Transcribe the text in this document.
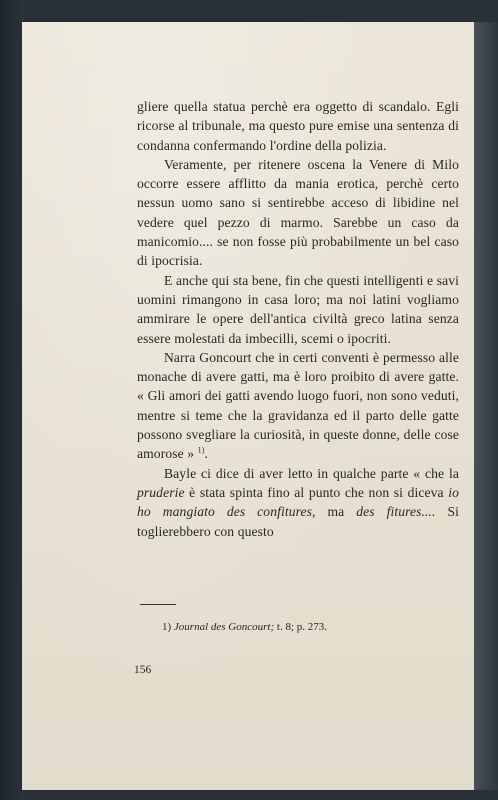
gliere quella statua perchè era oggetto di scandalo. Egli ricorse al tribunale, ma questo pure emise una sentenza di condanna confermando l'ordine della polizia.

Veramente, per ritenere oscena la Venere di Milo occorre essere afflitto da mania erotica, perchè certo nessun uomo sano si sentirebbe acceso di libidine nel vedere quel pezzo di marmo. Sarebbe un caso da manicomio.... se non fosse più probabilmente un bel caso di ipocrisia.

E anche qui sta bene, fin che questi intelligenti e savi uomini rimangono in casa loro; ma noi latini vogliamo ammirare le opere dell'antica civiltà greco latina senza essere molestati da imbecilli, scemi o ipocriti.

Narra Goncourt che in certi conventi è permesso alle monache di avere gatti, ma è loro proibito di avere gatte. « Gli amori dei gatti avendo luogo fuori, non sono veduti, mentre si teme che la gravidanza ed il parto delle gatte possono svegliare la curiosità, in queste donne, delle cose amorose » $^{1)}$.

Bayle ci dice di aver letto in qualche parte « che la pruderie è stata spinta fino al punto che non si diceva io ho mangiato des confitures, ma des fitures.... Si toglierebbero con questo

1) Journal des Goncourt; t. 8; p. 273.
156
